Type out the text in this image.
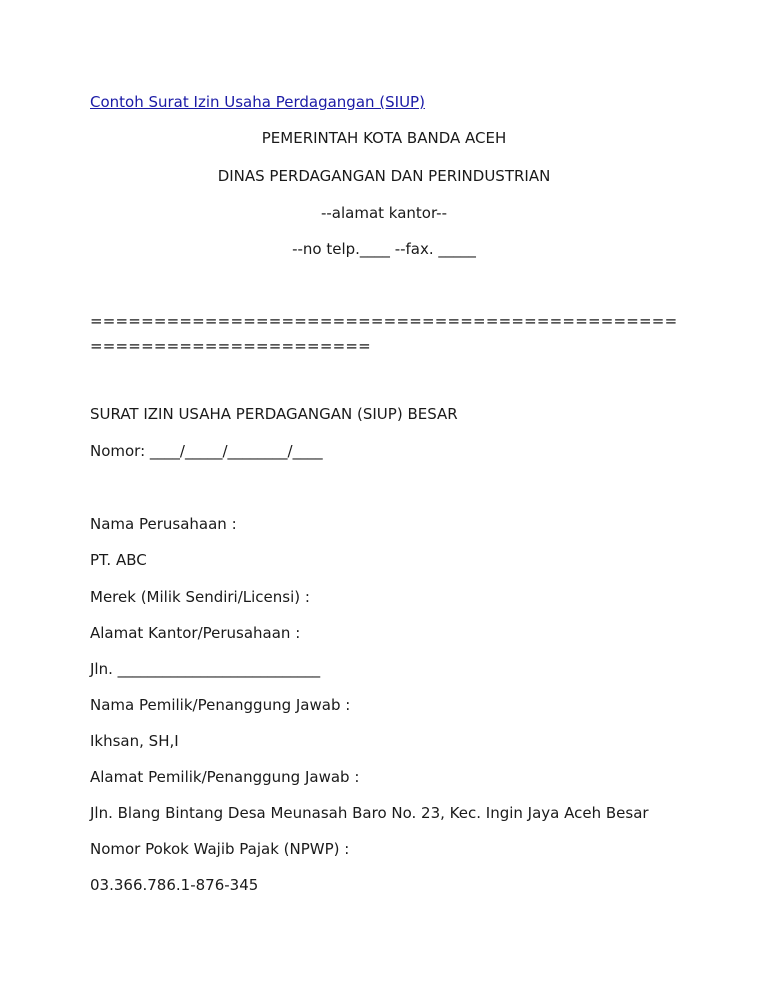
Contoh Surat Izin Usaha Perdagangan (SIUP)
PEMERINTAH KOTA BANDA ACEH
DINAS PERDAGANGAN DAN PERINDUSTRIAN
--alamat kantor--
--no telp.____ --fax. _____
==============================================
======================
SURAT IZIN USAHA PERDAGANGAN (SIUP) BESAR
Nomor: ____/_____/________/____
Nama Perusahaan :
PT. ABC
Merek (Milik Sendiri/Licensi) :
Alamat Kantor/Perusahaan :
Jln. ___________________________
Nama Pemilik/Penanggung Jawab :
Ikhsan, SH,I
Alamat Pemilik/Penanggung Jawab :
Jln. Blang Bintang Desa Meunasah Baro No. 23, Kec. Ingin Jaya Aceh Besar
Nomor Pokok Wajib Pajak (NPWP) :
03.366.786.1-876-345
